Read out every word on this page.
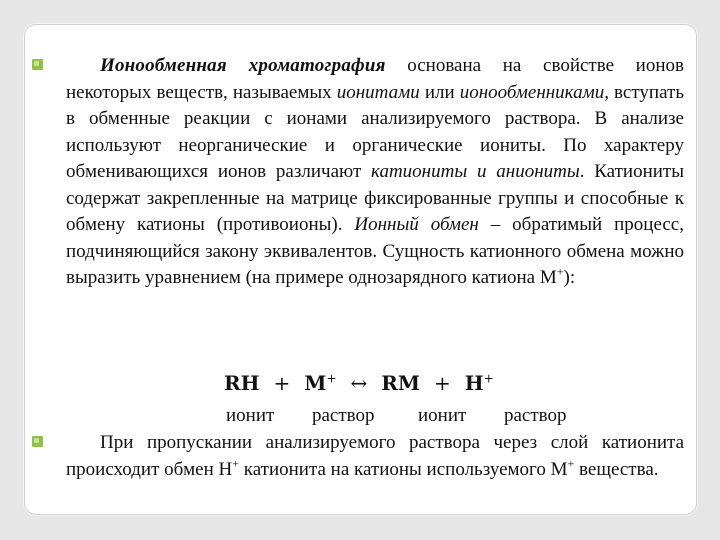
Ионообменная хроматография основана на свойстве ионов некоторых веществ, называемых ионитами или ионообменниками, вступать в обменные реакции с ионами анализируемого раствора. В анализе используют неорганические и органические иониты. По характеру обменивающихся ионов различают катиониты и аниониты. Катиониты содержат закрепленные на матрице фиксированные группы и способные к обмену катионы (противоионы). Ионный обмен – обратимый процесс, подчиняющийся закону эквивалентов. Сущность катионного обмена можно выразить уравнением (на примере однозарядного катиона М+):

RH + M+ ↔ RM + H+
ионит раствор ионит раствор

При пропускании анализируемого раствора через слой катионита происходит обмен Н+ катионита на катионы используемого М+ вещества.
